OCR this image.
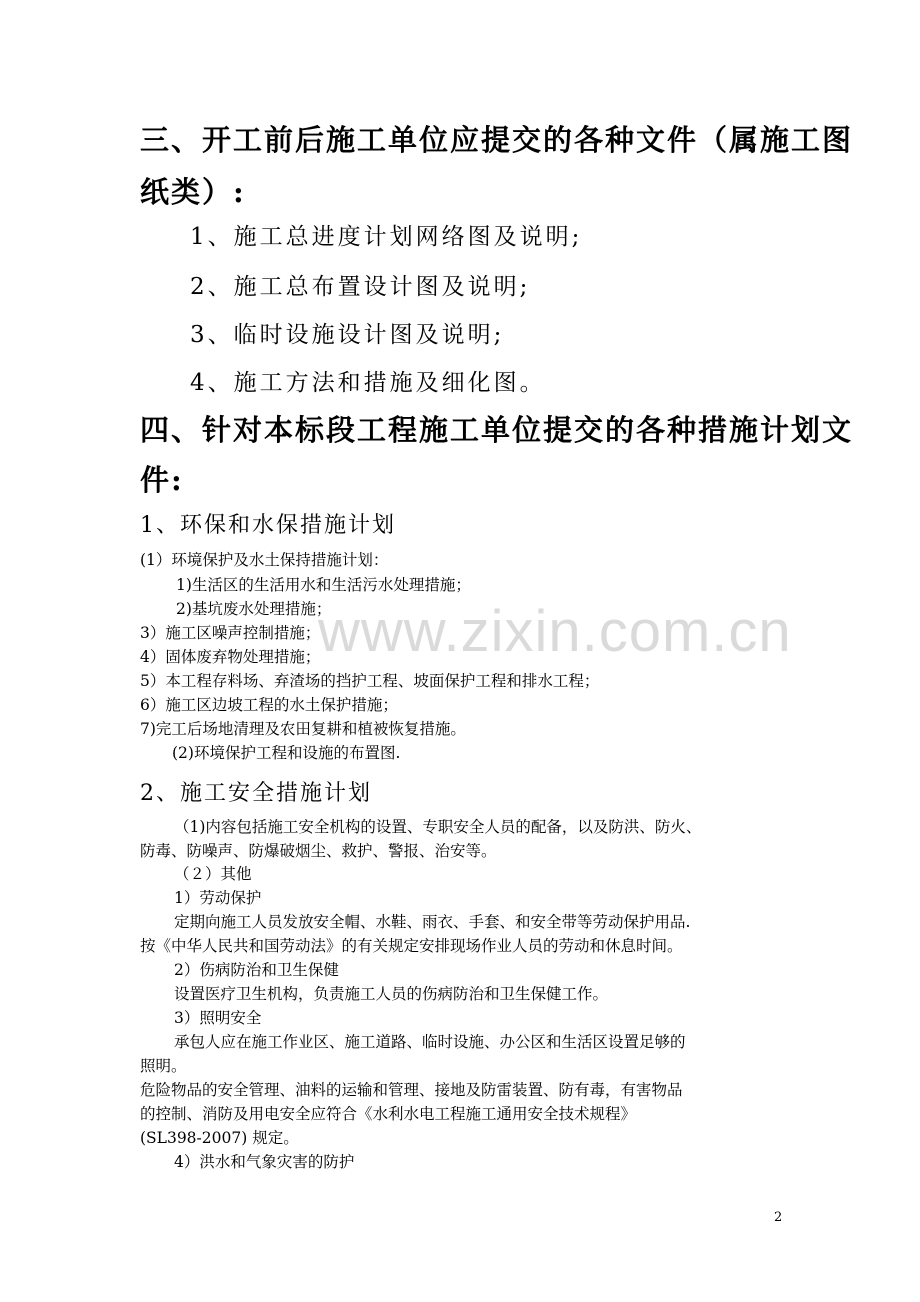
三、开工前后施工单位应提交的各种文件（属施工图
纸类）:
1、施工总进度计划网络图及说明;
2、施工总布置设计图及说明;
3、临时设施设计图及说明;
4、施工方法和措施及细化图。
四、针对本标段工程施工单位提交的各种措施计划文
件:
1、环保和水保措施计划
(1）环境保护及水土保持措施计划：
1)生活区的生活用水和生活污水处理措施；
2)基坑废水处理措施；
3）施工区噪声控制措施；
4）固体废弃物处理措施；
5）本工程存料场、弃渣场的挡护工程、坡面保护工程和排水工程；
6）施工区边坡工程的水土保护措施；
7)完工后场地清理及农田复耕和植被恢复措施。
(2)环境保护工程和设施的布置图.
2、施工安全措施计划
（1)内容包括施工安全机构的设置、专职安全人员的配备，以及防洪、防火、
防毒、防噪声、防爆破烟尘、救护、警报、治安等。
（２）其他
1）劳动保护
定期向施工人员发放安全帽、水鞋、雨衣、手套、和安全带等劳动保护用品.
按《中华人民共和国劳动法》的有关规定安排现场作业人员的劳动和休息时间。
2）伤病防治和卫生保健
设置医疗卫生机构，负责施工人员的伤病防治和卫生保健工作。
3）照明安全
承包人应在施工作业区、施工道路、临时设施、办公区和生活区设置足够的
照明。
危险物品的安全管理、油料的运输和管理、接地及防雷装置、防有毒，有害物品
的控制、消防及用电安全应符合《水利水电工程施工通用安全技术规程》
(SL398-2007) 规定。
4）洪水和气象灾害的防护
www.zixin.com.cn
2
